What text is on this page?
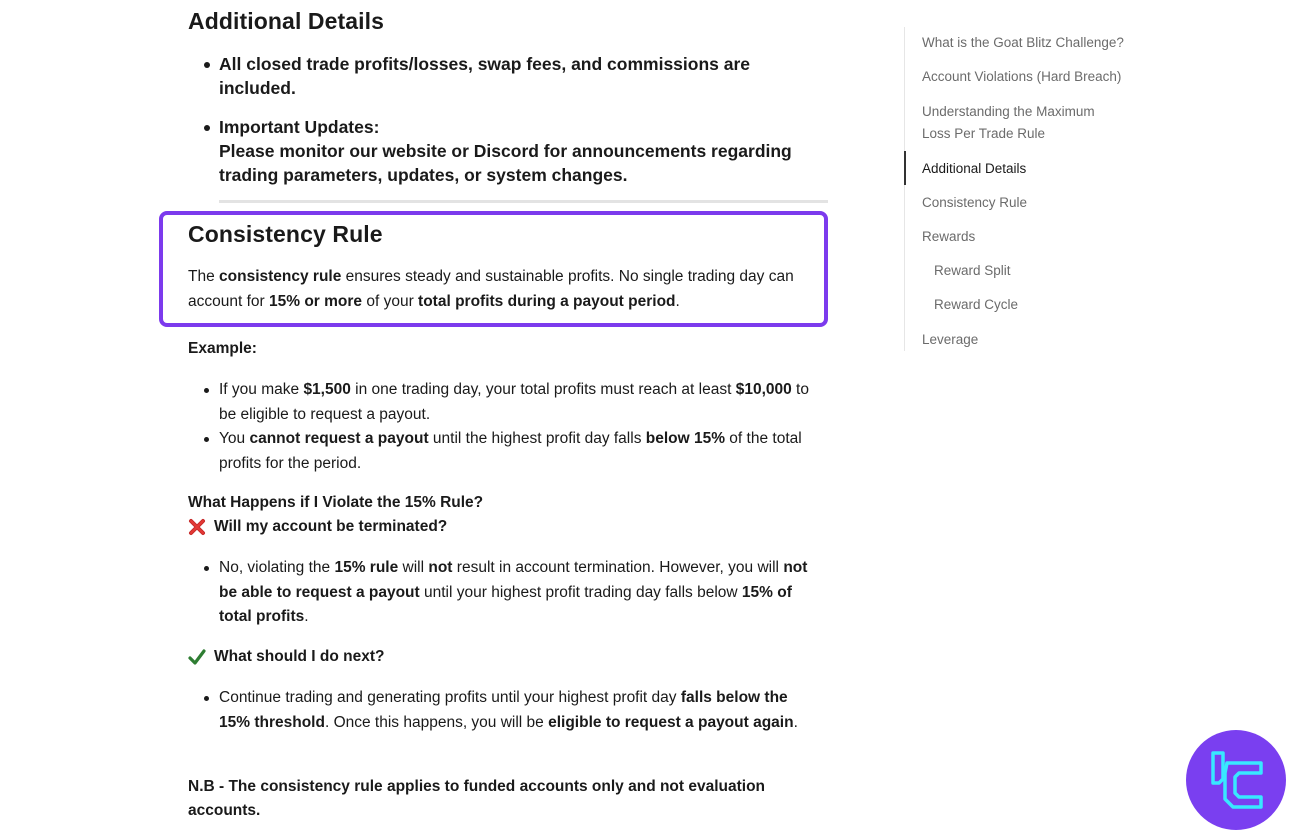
Additional Details
All closed trade profits/losses, swap fees, and commissions are included.
Important Updates:
Please monitor our website or Discord for announcements regarding trading parameters, updates, or system changes.
Consistency Rule

The consistency rule ensures steady and sustainable profits. No single trading day can account for 15% or more of your total profits during a payout period.

Example:

If you make $1,500 in one trading day, your total profits must reach at least $10,000 to be eligible to request a payout.
You cannot request a payout until the highest profit day falls below 15% of the total profits for the period.

What Happens if I Violate the 15% Rule?

Will my account be terminated?
No, violating the 15% rule will not result in account termination. However, you will not be able to request a payout until your highest profit trading day falls below 15% of total profits.
What should I do next?
Continue trading and generating profits until your highest profit day falls below the 15% threshold. Once this happens, you will be eligible to request a payout again.

N.B - The consistency rule applies to funded accounts only and not evaluation accounts.

What is the Goat Blitz Challenge?
Account Violations (Hard Breach)
Understanding the Maximum Loss Per Trade Rule
Additional Details
Consistency Rule
Rewards
Reward Split
Reward Cycle
Leverage
